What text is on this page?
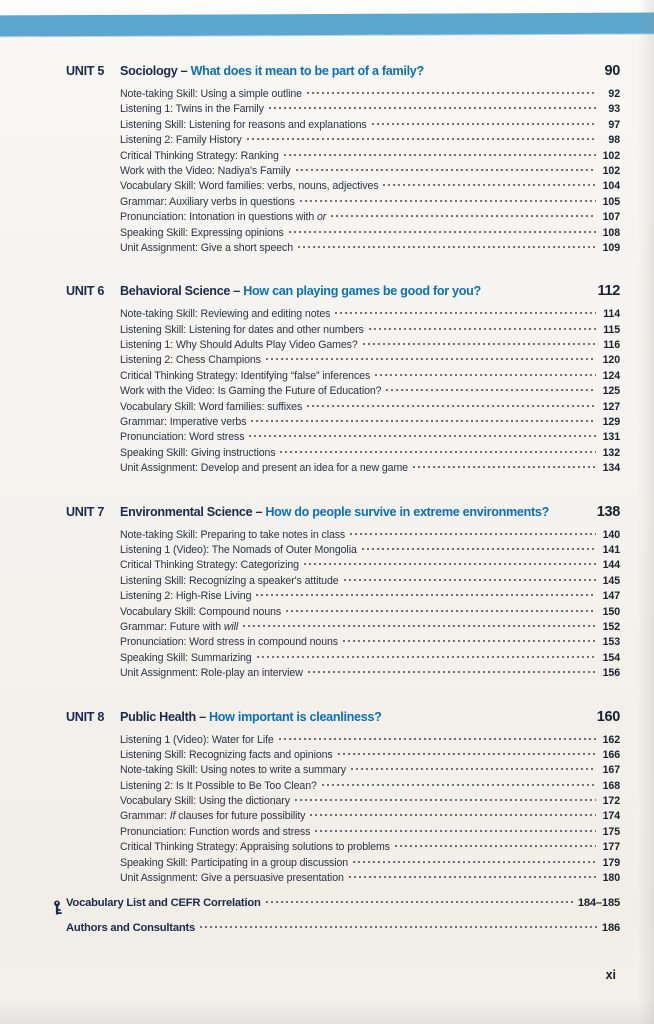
UNIT 5	Sociology – What does it mean to be part of a family?	90
Note-taking Skill: Using a simple outline	92
Listening 1: Twins in the Family	93
Listening Skill: Listening for reasons and explanations	97
Listening 2: Family History	98
Critical Thinking Strategy: Ranking	102
Work with the Video: Nadiya's Family	102
Vocabulary Skill: Word families: verbs, nouns, adjectives	104
Grammar: Auxiliary verbs in questions	105
Pronunciation: Intonation in questions with or	107
Speaking Skill: Expressing opinions	108
Unit Assignment: Give a short speech	109
UNIT 6	Behavioral Science – How can playing games be good for you?	112
Note-taking Skill: Reviewing and editing notes	114
Listening Skill: Listening for dates and other numbers	115
Listening 1: Why Should Adults Play Video Games?	116
Listening 2: Chess Champions	120
Critical Thinking Strategy: Identifying “false” inferences	124
Work with the Video: Is Gaming the Future of Education?	125
Vocabulary Skill: Word families: suffixes	127
Grammar: Imperative verbs	129
Pronunciation: Word stress	131
Speaking Skill: Giving instructions	132
Unit Assignment: Develop and present an idea for a new game	134
UNIT 7	Environmental Science – How do people survive in extreme environments?	138
Note-taking Skill: Preparing to take notes in class	140
Listening 1 (Video): The Nomads of Outer Mongolia	141
Critical Thinking Strategy: Categorizing	144
Listening Skill: Recognizing a speaker's attitude	145
Listening 2: High-Rise Living	147
Vocabulary Skill: Compound nouns	150
Grammar: Future with will	152
Pronunciation: Word stress in compound nouns	153
Speaking Skill: Summarizing	154
Unit Assignment: Role-play an interview	156
UNIT 8	Public Health – How important is cleanliness?	160
Listening 1 (Video): Water for Life	162
Listening Skill: Recognizing facts and opinions	166
Note-taking Skill: Using notes to write a summary	167
Listening 2: Is It Possible to Be Too Clean?	168
Vocabulary Skill: Using the dictionary	172
Grammar: If clauses for future possibility	174
Pronunciation: Function words and stress	175
Critical Thinking Strategy: Appraising solutions to problems	177
Speaking Skill: Participating in a group discussion	179
Unit Assignment: Give a persuasive presentation	180
Vocabulary List and CEFR Correlation	184–185
Authors and Consultants	186
xi
